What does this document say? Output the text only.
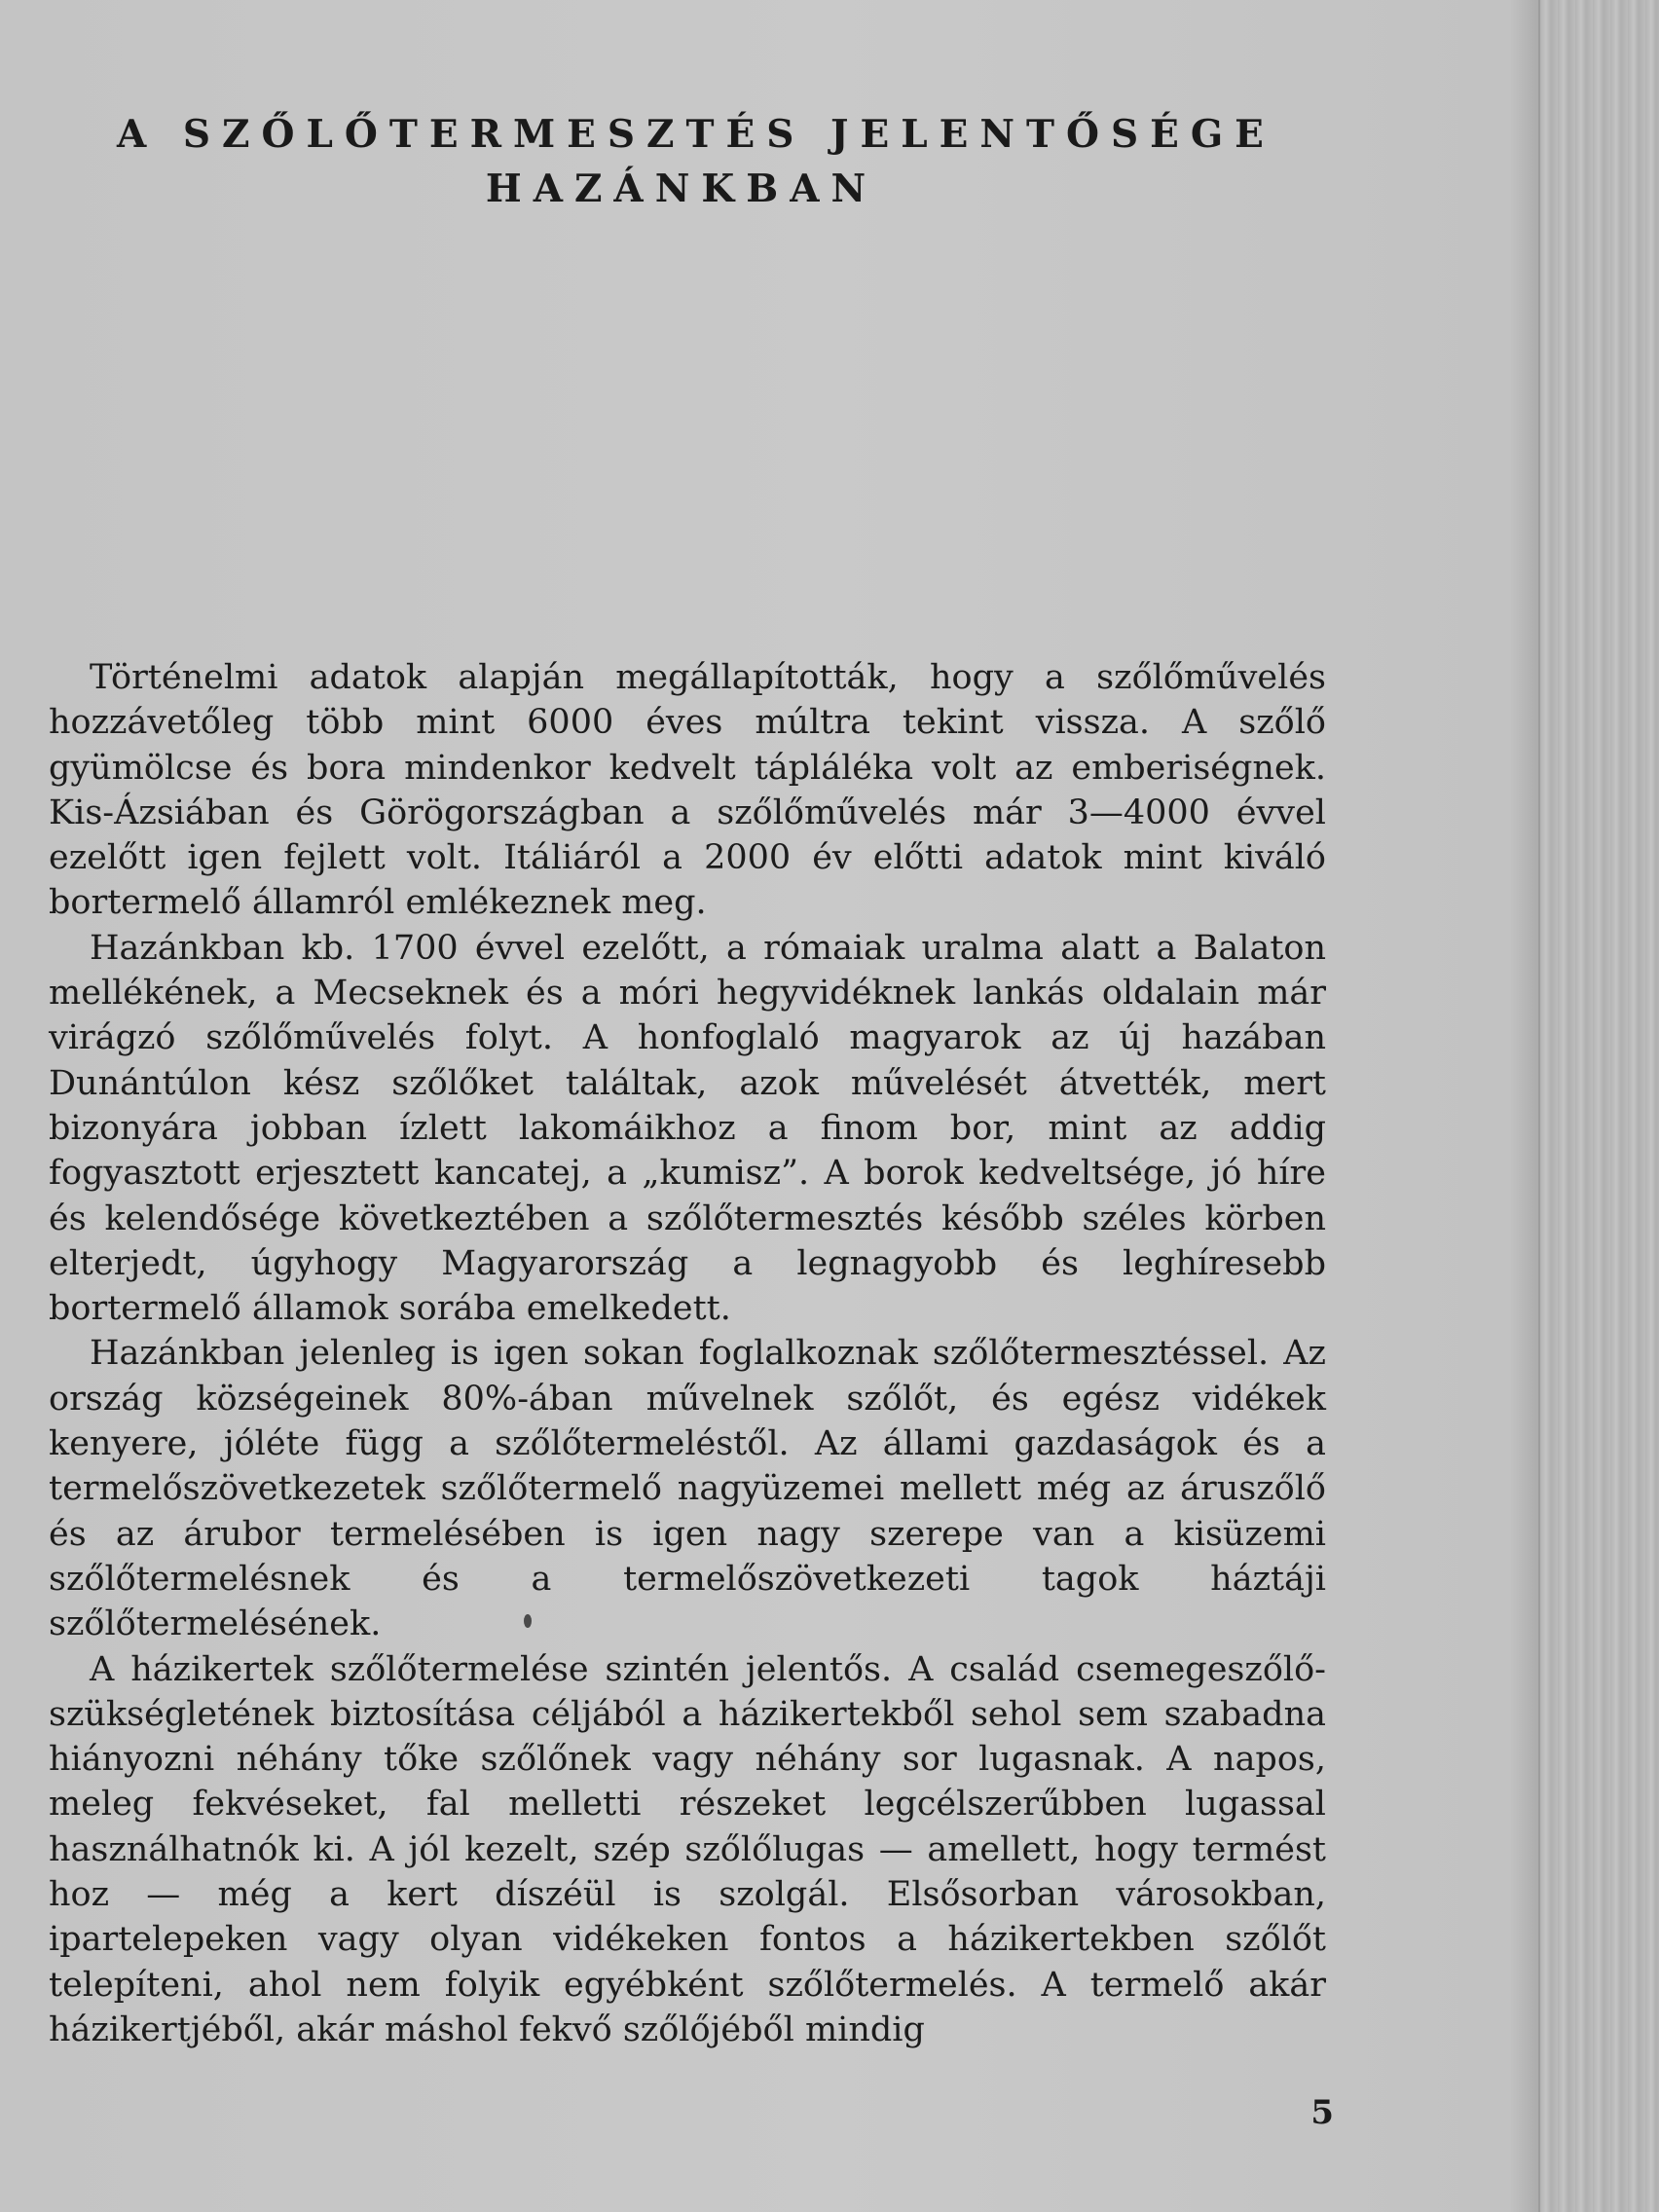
A SZŐLŐTERMESZTÉS JELENTŐSÉGE
HAZÁNKBAN

Történelmi adatok alapján megállapították, hogy a szőlőművelés hozzávetőleg több mint 6000 éves múltra tekint vissza. A szőlő gyümölcse és bora mindenkor kedvelt tápláléka volt az emberiségnek. Kis-Ázsiában és Görögországban a szőlőművelés már 3—4000 évvel ezelőtt igen fejlett volt. Itáliáról a 2000 év előtti adatok mint kiváló bortermelő államról emlékeznek meg.

Hazánkban kb. 1700 évvel ezelőtt, a rómaiak uralma alatt a Balaton mellékének, a Mecseknek és a móri hegyvidéknek lankás oldalain már virágzó szőlőművelés folyt. A honfoglaló magyarok az új hazában Dunántúlon kész szőlőket találtak, azok művelését átvették, mert bizonyára jobban ízlett lakomáikhoz a finom bor, mint az addig fogyasztott erjesztett kancatej, a „kumisz”. A borok kedveltsége, jó híre és kelendősége következtében a szőlőtermesztés később széles körben elterjedt, úgyhogy Magyarország a legnagyobb és leghíresebb bortermelő államok sorába emelkedett.

Hazánkban jelenleg is igen sokan foglalkoznak szőlőtermesztéssel. Az ország községeinek 80%-ában művelnek szőlőt, és egész vidékek kenyere, jóléte függ a szőlőtermeléstől. Az állami gazdaságok és a termelőszövetkezetek szőlőtermelő nagyüzemei mellett még az áruszőlő és az árubor termelésében is igen nagy szerepe van a kisüzemi szőlőtermelésnek és a termelőszövetkezeti tagok háztáji szőlőtermelésének.

A házikertek szőlőtermelése szintén jelentős. A család csemegeszőlő-szükségletének biztosítása céljából a házikertekből sehol sem szabadna hiányozni néhány tőke szőlőnek vagy néhány sor lugasnak. A napos, meleg fekvéseket, fal melletti részeket legcélszerűbben lugassal használhatnók ki. A jól kezelt, szép szőlőlugas — amellett, hogy termést hoz — még a kert díszéül is szolgál. Elsősorban városokban, ipartelepeken vagy olyan vidékeken fontos a házikertekben szőlőt telepíteni, ahol nem folyik egyébként szőlőtermelés. A termelő akár házikertjéből, akár máshol fekvő szőlőjéből mindig

5
